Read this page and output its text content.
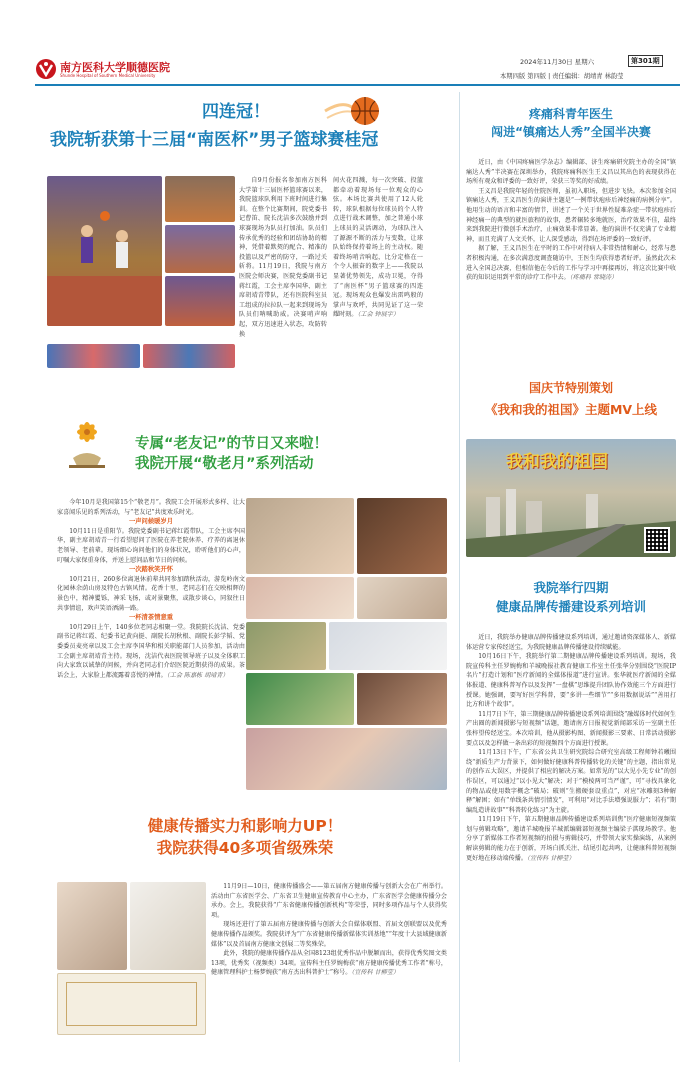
南方医科大学顺德医院
Shunde Hospital of Southern Medical University
2024年11月30日 星期六	第301期
本期四版 第四版 | 责任编辑：胡靖青 林韵莹
四连冠！
我院斩获第十三届“南医杯”男子篮球赛桂冠

自9月份报名参加南方医科大学第十三届医杯篮球赛以来，我院篮球队利用下班时间进行集训。在整个比赛期间，院党委书记曹笛、院长沈洁多次鼓励并到球赛现场为队员打加油。队员们传承优秀的经验和团结协助的精神，凭借着默契的配合、精准的投篮以及严密的防守，一路过关斩将。11月19日，我院与南方医院会师决赛，医院党委副书记蒋红霞，工会主席李国华、副主席胡靖青带队，还有医院科室员工组成的拉拉队一起来到现场为队员们呐喊助威。决赛哨声响起，双方迅速进入状态，攻防转换

间火花四溅，每一次突破、投篮都牵动着现场每一位观众的心弦。本场比赛共使用了12人轮转，球队根据每位球员的个人特点进行战术调整，加之普通小球上球员的灵活调动，为球队注入了源源不断的活力与变数，让球队始终保持着场上的主动权。随着终场哨音响起，比分定格在一个令人振奋的数字上——我院以显著优势领先，成功卫冕，夺得了“南医杯”男子篮球赛的四连冠。现场观众也爆发出雷鸣般的掌声与欢呼，共同见证了这一荣耀时刻。（工会 钟展宇）

疼痛科青年医生
闯进“镇痛达人秀”全国半决赛

近日，由《中国疼痛医学杂志》编辑部、济生疼痛研究院主办的全国“镇痛达人秀”半决赛在深圳举办，我院疼痛科医生王义昌以其出色的表现获得在场所有观众和评委的一致好评，荣获三等奖的好成绩。

王义昌是我院年轻的住院医师，虽初入职场，但进步飞快。本次参加全国镇痛达人秀，王义昌医生的演讲主题是“一例带状疱疹后神经痛的病例分享”。他用生动的语言和丰富的情节，讲述了一个关于世界性疑难杂症一带状疱疹后神经痛一的典型的就医旅程的故事，患者辗转多地就医，治疗效果不佳，最终来到我院进行微创手术治疗，止痛效果非常显著。他的演讲不仅充满了专业精神，而且充满了人文关怀，让人深受感动，得到在场评委的一致好评。

据了解，王义昌医生在平时的工作中对待病人非常热情和耐心，经常与患者积极沟通，在多次满意度调查随访中，王医生均获得患者好评。虽然此次未进入全国总决赛，但相信他在今后的工作与学习中再接再厉，将这次比赛中收获的知识运用到平常的诊疗工作中去。（疼痛科 常晓涛）

专属“老友记”的节日又来啦！
我院开展“敬老月”系列活动

今年10月是我国第15个“敬老月”。我院工会开展形式多样、让大家喜闻乐见的系列活动，与“老友记”共度欢乐时光。

一声问候暖岁月

10月11日是重阳节。我院党委副书记蒋红霞带队，工会主席李国华，副主席胡靖青一行看望慰问了医院在养老院休养、疗养的离退休老领导、老前辈。现场细心询问他们的身体状况，聆听他们的心声，叮嘱大家保重身体，并送上慰问品和节日的问候。

一次踏秋笑开怀

10月21日，260多位离退休前辈共同参加踏秋活动，游览岭南文化园林余荫山房及特色古镇风情。花香十里，老同志们在交映相辉的景色中，精神矍铄，神采飞扬，或对景聚焦，或散步谈心，同叙往日共事情谊，欢声笑语洒满一路。

一杯清茶情意重

10月29日上午，140多位老同志相聚一堂。我院院长沈洁、党委副书记蒋红霞、纪委书记黄向挺、副院长胡秋根、副院长彭学韬、党委委员麦亮章以及工会主席李国华和相关职能部门人员参加，活动由工会副主席胡靖青主持。现场，沈洁代表医院领导班子以及全体职工向大家致以诚挚的问候，并向老同志们介绍医院近期获得的成果。茶话会上，大家脸上都流露着喜悦的神情。（工会 陈嘉栋 胡靖青）

国庆节特别策划
《我和我的祖国》主题MV上线
我和我的祖国
我院举行四期
健康品牌传播建设系列培训

近日，我院举办健康品牌传播建设系列培训，通过邀请资深媒体人、新媒体运营专家传经送宝，为我院健康品牌传播建设持续赋能。

10月16日下午，我院举行第二期健康品牌传播建设系列培训。现场，我院宣传科主任罗婉梅和羊城晚报社教育健康工作室主任张华分别围绕“医院IP名片”打造计划和“医疗新闻的全媒体报道”进行宣讲。张华就医疗新闻的全媒体报道、健康科普写作以及发挥“一盘棋”思维提升团队协作效能三个方面进行授课。她强调，要写好医学科普，要“多讲一些细节”“多用数据说话”“善用打比方和讲个故事”。

11月7日下午，第三期健康品牌传播建设系列培训围绕“融媒体时代如何生产出圈的新闻摄影与短视频”话题，邀请南方日报视觉新闻部采访一室副主任张梓望传经送宝。本次培训，他从摄影构图、新闻摄影三要素、日常活动摄影要点以及怎样做一条出彩的短视频四个方面进行授课。

11月13日下午，广东省公共卫生研究院综合研究室高级工程师钟若曦围绕“新质生产力背景下，如何做好健康科普传播转化的关键”的主题，指出常见的创作五大误区，并提供了相应的解决方案。如常见的“以大见小先专业”的创作误区，可以通过“以小见大”解决；对于“模棱两可当严谨”，可“寻找具象化的物品或使用数字概念”破局；破则“生搬硬套设重点”，对应“冰雕刻3种解释”解困；如有“单线条共情引情发”，可利用“对比手法增强说服力”；若有“期编乱造讲故事”“科普转化练习”为主旋。

11月19日下午，第五期健康品牌传播建设系列培训焦“医疗健康短视频策划与剪辑攻略”，邀请羊城晚报羊城派编辑部短视频主编梁子淇现场教学。他分享了新媒体工作者短视频的拍摄与剪辑技巧，并带领大家实操演练，从案例解读剪辑的能力在于创新，开场白抓关注、结尾引起共鸣，让健康科普短视频更好地在移动端传播。（宣传科 甘柳莹）

健康传播实力和影响力UP！
我院获得40多项省级殊荣

11月9日—10日，健康传播盛会——第五届南方健康传播与创新大会在广州举行。活动由广东省医学会、广东省卫生健康宣传教育中心主办，广东省医学会健康传播分会承办。会上，我院获得“广东省健康传播创新机构”等荣誉，同时多项作品与个人获得奖项。

现场还进行了第五届南方健康传播与创新大会自媒体联盟、首届文创联盟以及优秀健康传播作品颁奖。我院获评为“广东省健康传播新媒体实训基地”“年度十大县域健康新媒体”以及首届南方健康文创展二等奖殊荣。

此外，我院的健康传播作品从全国8123组优秀作品中脱颖而出，获得优秀奖图文类13项，优秀奖（视频类）34项。宣传科主任罗婉梅获“南方健康传播优秀工作者”称号，健康管理科护士杨梦婉获“南方杰出科普护士”称号。（宣传科 甘柳莹）
